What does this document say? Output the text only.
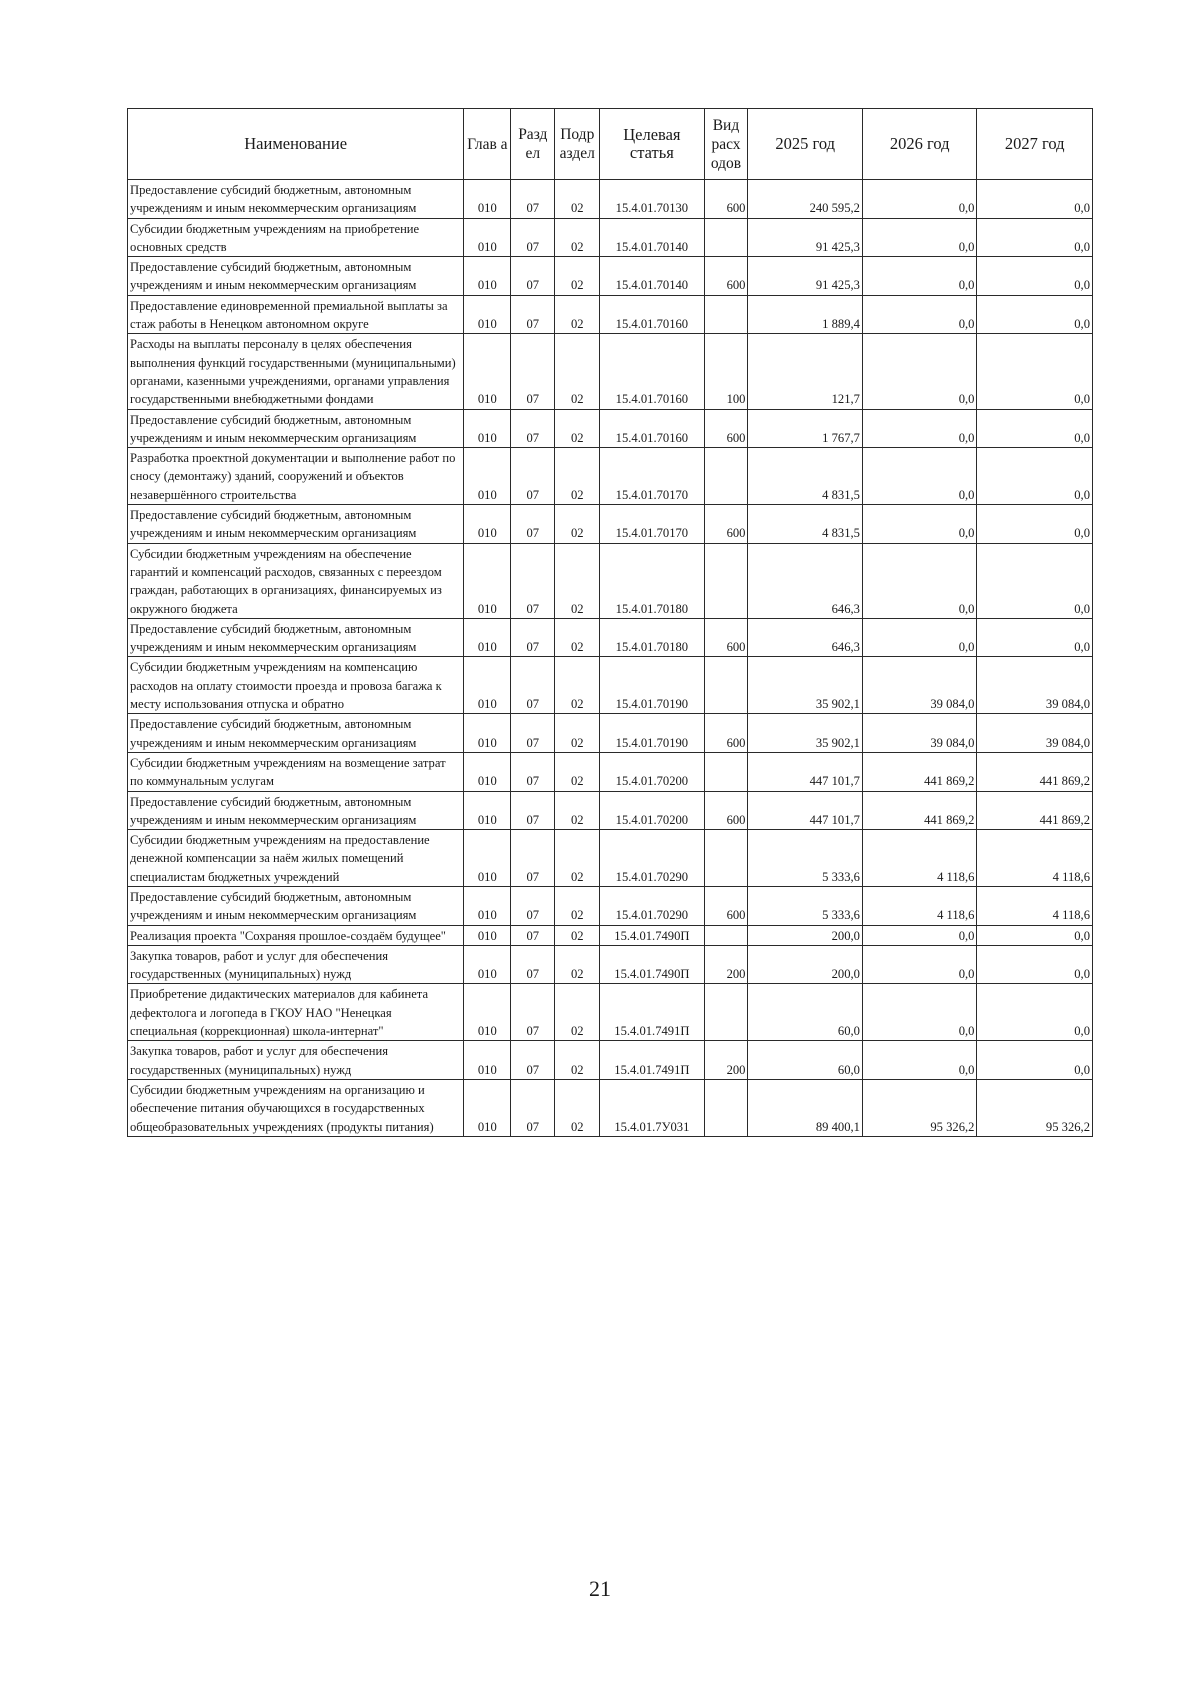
Наименование	Глав а	Разд ел	Подр аздел	Целевая статья	Вид расх одов	2025 год	2026 год	2027 год
Предоставление субсидий бюджетным, автономным учреждениям и иным некоммерческим организациям	010	07	02	15.4.01.70130	600	240 595,2	0,0	0,0
Субсидии бюджетным учреждениям на приобретение основных средств	010	07	02	15.4.01.70140		91 425,3	0,0	0,0
Предоставление субсидий бюджетным, автономным учреждениям и иным некоммерческим организациям	010	07	02	15.4.01.70140	600	91 425,3	0,0	0,0
Предоставление единовременной премиальной выплаты за стаж работы в Ненецком автономном округе	010	07	02	15.4.01.70160		1 889,4	0,0	0,0
Расходы на выплаты персоналу в целях обеспечения выполнения функций государственными (муниципальными) органами, казенными учреждениями, органами управления государственными внебюджетными фондами	010	07	02	15.4.01.70160	100	121,7	0,0	0,0
Предоставление субсидий бюджетным, автономным учреждениям и иным некоммерческим организациям	010	07	02	15.4.01.70160	600	1 767,7	0,0	0,0
Разработка проектной документации и выполнение работ по сносу (демонтажу) зданий, сооружений и объектов незавершённого строительства	010	07	02	15.4.01.70170		4 831,5	0,0	0,0
Предоставление субсидий бюджетным, автономным учреждениям и иным некоммерческим организациям	010	07	02	15.4.01.70170	600	4 831,5	0,0	0,0
Субсидии бюджетным учреждениям на обеспечение гарантий и компенсаций расходов, связанных с переездом граждан, работающих в организациях, финансируемых из окружного бюджета	010	07	02	15.4.01.70180		646,3	0,0	0,0
Предоставление субсидий бюджетным, автономным учреждениям и иным некоммерческим организациям	010	07	02	15.4.01.70180	600	646,3	0,0	0,0
Субсидии бюджетным учреждениям на компенсацию расходов на оплату стоимости проезда и провоза багажа к месту использования отпуска и обратно	010	07	02	15.4.01.70190		35 902,1	39 084,0	39 084,0
Предоставление субсидий бюджетным, автономным учреждениям и иным некоммерческим организациям	010	07	02	15.4.01.70190	600	35 902,1	39 084,0	39 084,0
Субсидии бюджетным учреждениям на возмещение затрат по коммунальным услугам	010	07	02	15.4.01.70200		447 101,7	441 869,2	441 869,2
Предоставление субсидий бюджетным, автономным учреждениям и иным некоммерческим организациям	010	07	02	15.4.01.70200	600	447 101,7	441 869,2	441 869,2
Субсидии бюджетным учреждениям на предоставление денежной компенсации за наём жилых помещений специалистам бюджетных учреждений	010	07	02	15.4.01.70290		5 333,6	4 118,6	4 118,6
Предоставление субсидий бюджетным, автономным учреждениям и иным некоммерческим организациям	010	07	02	15.4.01.70290	600	5 333,6	4 118,6	4 118,6
Реализация проекта "Сохраняя прошлое-создаём будущее"	010	07	02	15.4.01.7490П		200,0	0,0	0,0
Закупка товаров, работ и услуг для обеспечения государственных (муниципальных) нужд	010	07	02	15.4.01.7490П	200	200,0	0,0	0,0
Приобретение дидактических материалов для кабинета дефектолога и логопеда в ГКОУ НАО "Ненецкая специальная (коррекционная) школа-интернат"	010	07	02	15.4.01.7491П		60,0	0,0	0,0
Закупка товаров, работ и услуг для обеспечения государственных (муниципальных) нужд	010	07	02	15.4.01.7491П	200	60,0	0,0	0,0
Субсидии бюджетным учреждениям на организацию и обеспечение питания обучающихся в государственных общеобразовательных учреждениях (продукты питания)	010	07	02	15.4.01.7У031		89 400,1	95 326,2	95 326,2
21
